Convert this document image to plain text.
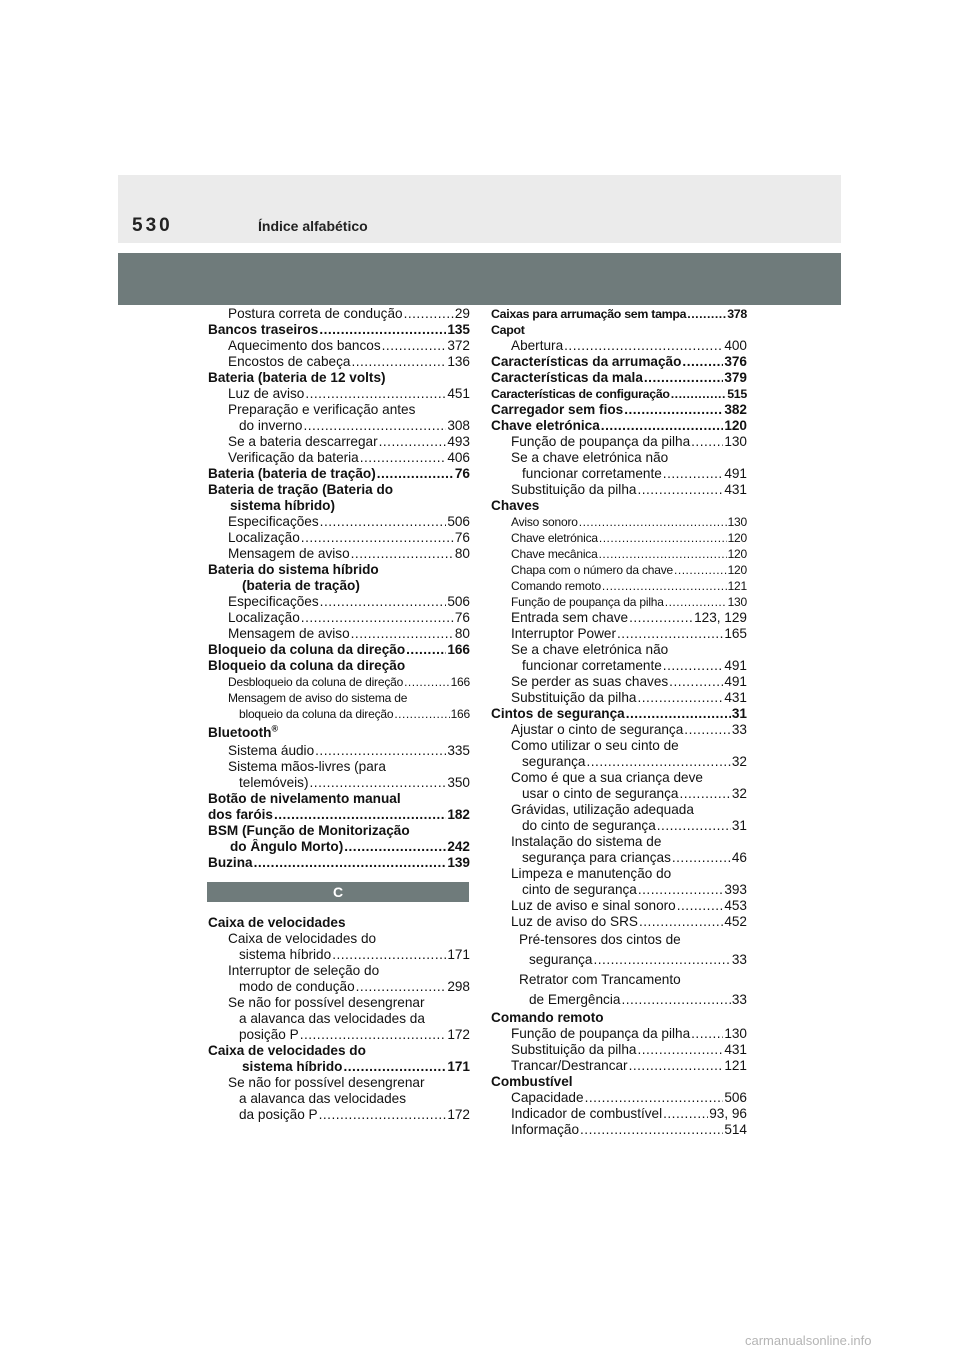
530	Índice alfabético
Postura correta de condução .....	29
Bancos traseiros .....	135
Aquecimento dos bancos .....	372
Encostos de cabeça .....	136
Bateria (bateria de 12 volts)
Luz de aviso .....	451
Preparação e verificação antes
do inverno .....	308
Se a bateria descarregar .....	493
Verificação da bateria .....	406
Bateria (bateria de tração) .....	76
Bateria de tração (Bateria do
sistema híbrido)
Especificações .....	506
Localização .....	76
Mensagem de aviso .....	80
Bateria do sistema híbrido
(bateria de tração)
Especificações .....	506
Localização .....	76
Mensagem de aviso .....	80
Bloqueio da coluna da direção .....	166
Bloqueio da coluna da direção
Desbloqueio da coluna de direção .....	166
Mensagem de aviso do sistema de
bloqueio da coluna da direção .....	166
Bluetooth®
Sistema áudio .....	335
Sistema mãos-livres (para
telemóveis) .....	350
Botão de nivelamento manual
dos faróis .....	182
BSM (Função de Monitorização
do Ângulo Morto) .....	242
Buzina .....	139
C
Caixa de velocidades
Caixa de velocidades do
sistema híbrido .....	171
Interruptor de seleção do
modo de condução .....	298
Se não for possível desengrenar
a alavanca das velocidades da
posição P .....	172
Caixa de velocidades do
sistema híbrido .....	171
Se não for possível desengrenar
a alavanca das velocidades
da posição P .....	172
Caixas para arrumação sem tampa .....	378
Capot
Abertura .....	400
Características da arrumação .....	376
Características da mala .....	379
Características de configuração .....	515
Carregador sem fios .....	382
Chave eletrónica .....	120
Função de poupança da pilha .....	130
Se a chave eletrónica não
funcionar corretamente .....	491
Substituição da pilha .....	431
Chaves
Aviso sonoro .....	130
Chave eletrónica .....	120
Chave mecânica .....	120
Chapa com o número da chave .....	120
Comando remoto .....	121
Função de poupança da pilha .....	130
Entrada sem chave .....	123, 129
Interruptor Power .....	165
Se a chave eletrónica não
funcionar corretamente .....	491
Se perder as suas chaves .....	491
Substituição da pilha .....	431
Cintos de segurança .....	31
Ajustar o cinto de segurança .....	33
Como utilizar o seu cinto de
segurança .....	32
Como é que a sua criança deve
usar o cinto de segurança .....	32
Grávidas, utilização adequada
do cinto de segurança .....	31
Instalação do sistema de
segurança para crianças .....	46
Limpeza e manutenção do
cinto de segurança .....	393
Luz de aviso e sinal sonoro .....	453
Luz de aviso do SRS .....	452
Pré-tensores dos cintos de
segurança .....	33
Retrator com Trancamento
de Emergência .....	33
Comando remoto
Função de poupança da pilha .....	130
Substituição da pilha .....	431
Trancar/Destrancar .....	121
Combustível
Capacidade .....	506
Indicador de combustível .....	93, 96
Informação .....	514
carmanualsonline.info
